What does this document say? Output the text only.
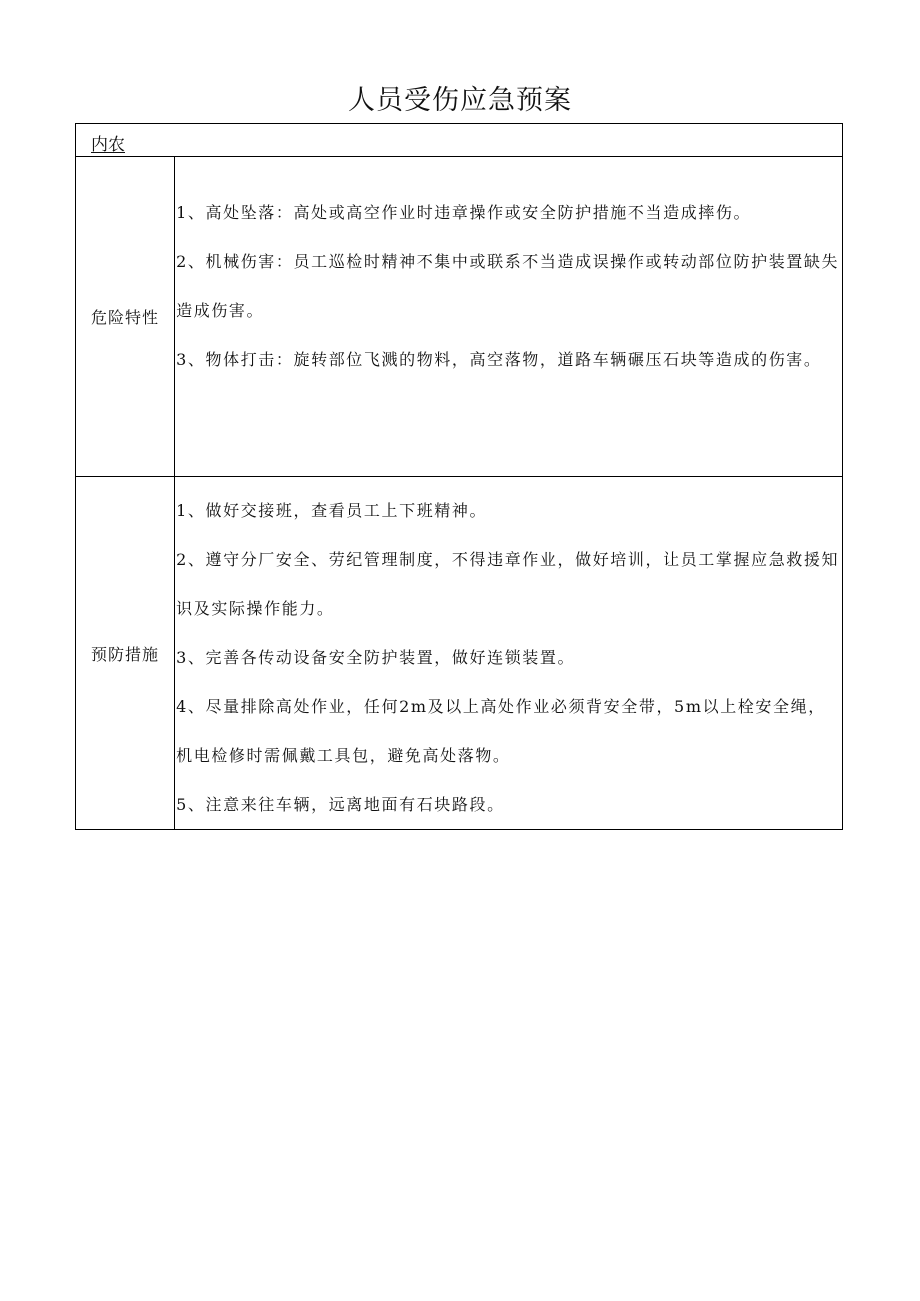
人员受伤应急预案
内农	
危险特性	1、高处坠落：高处或高空作业时违章操作或安全防护措施不当造成摔伤。

2、机械伤害：员工巡检时精神不集中或联系不当造成误操作或转动部位防护装置缺失造成伤害。

3、物体打击：旋转部位飞溅的物料，高空落物，道路车辆碾压石块等造成的伤害。

预防措施	1、做好交接班，查看员工上下班精神。

2、遵守分厂安全、劳纪管理制度，不得违章作业，做好培训，让员工掌握应急救援知识及实际操作能力。

3、完善各传动设备安全防护装置，做好连锁装置。

4、尽量排除高处作业，任何2m及以上高处作业必须背安全带，5m以上栓安全绳，机电检修时需佩戴工具包，避免高处落物。

5、注意来往车辆，远离地面有石块路段。
